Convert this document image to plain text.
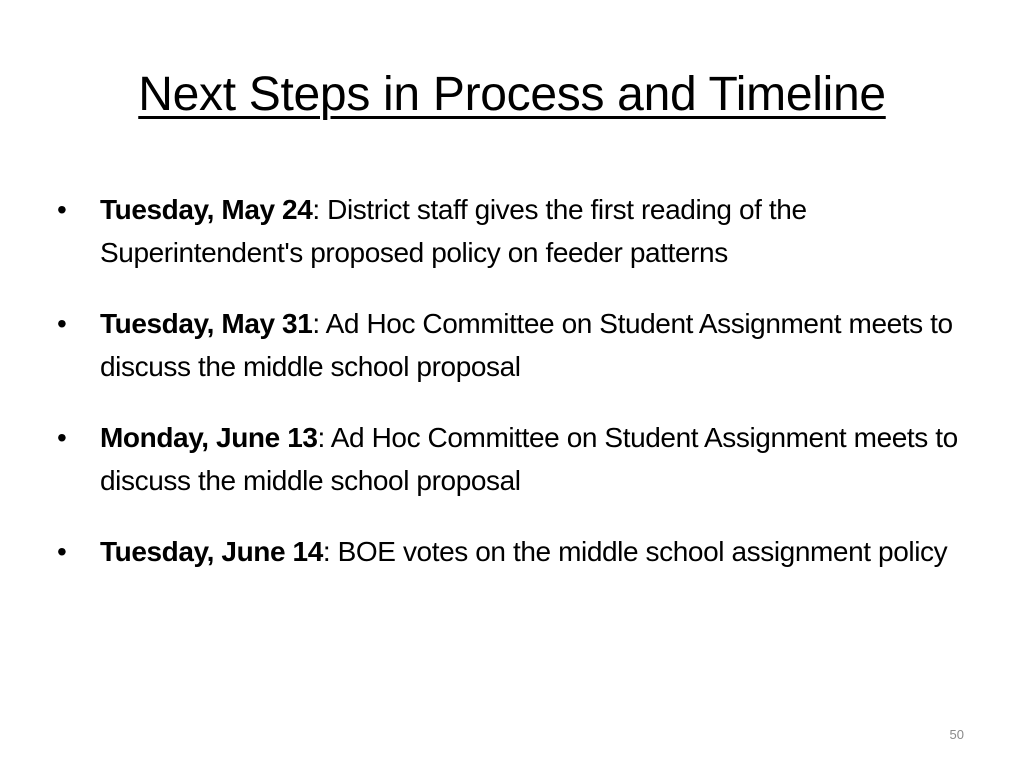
Next Steps in Process and Timeline
•	Tuesday, May 24: District staff gives the first reading of the Superintendent's proposed policy on feeder patterns
•	Tuesday, May 31: Ad Hoc Committee on Student Assignment meets to discuss the middle school proposal
•	Monday, June 13: Ad Hoc Committee on Student Assignment meets to discuss the middle school proposal
•	Tuesday, June 14: BOE votes on the middle school assignment policy
50
